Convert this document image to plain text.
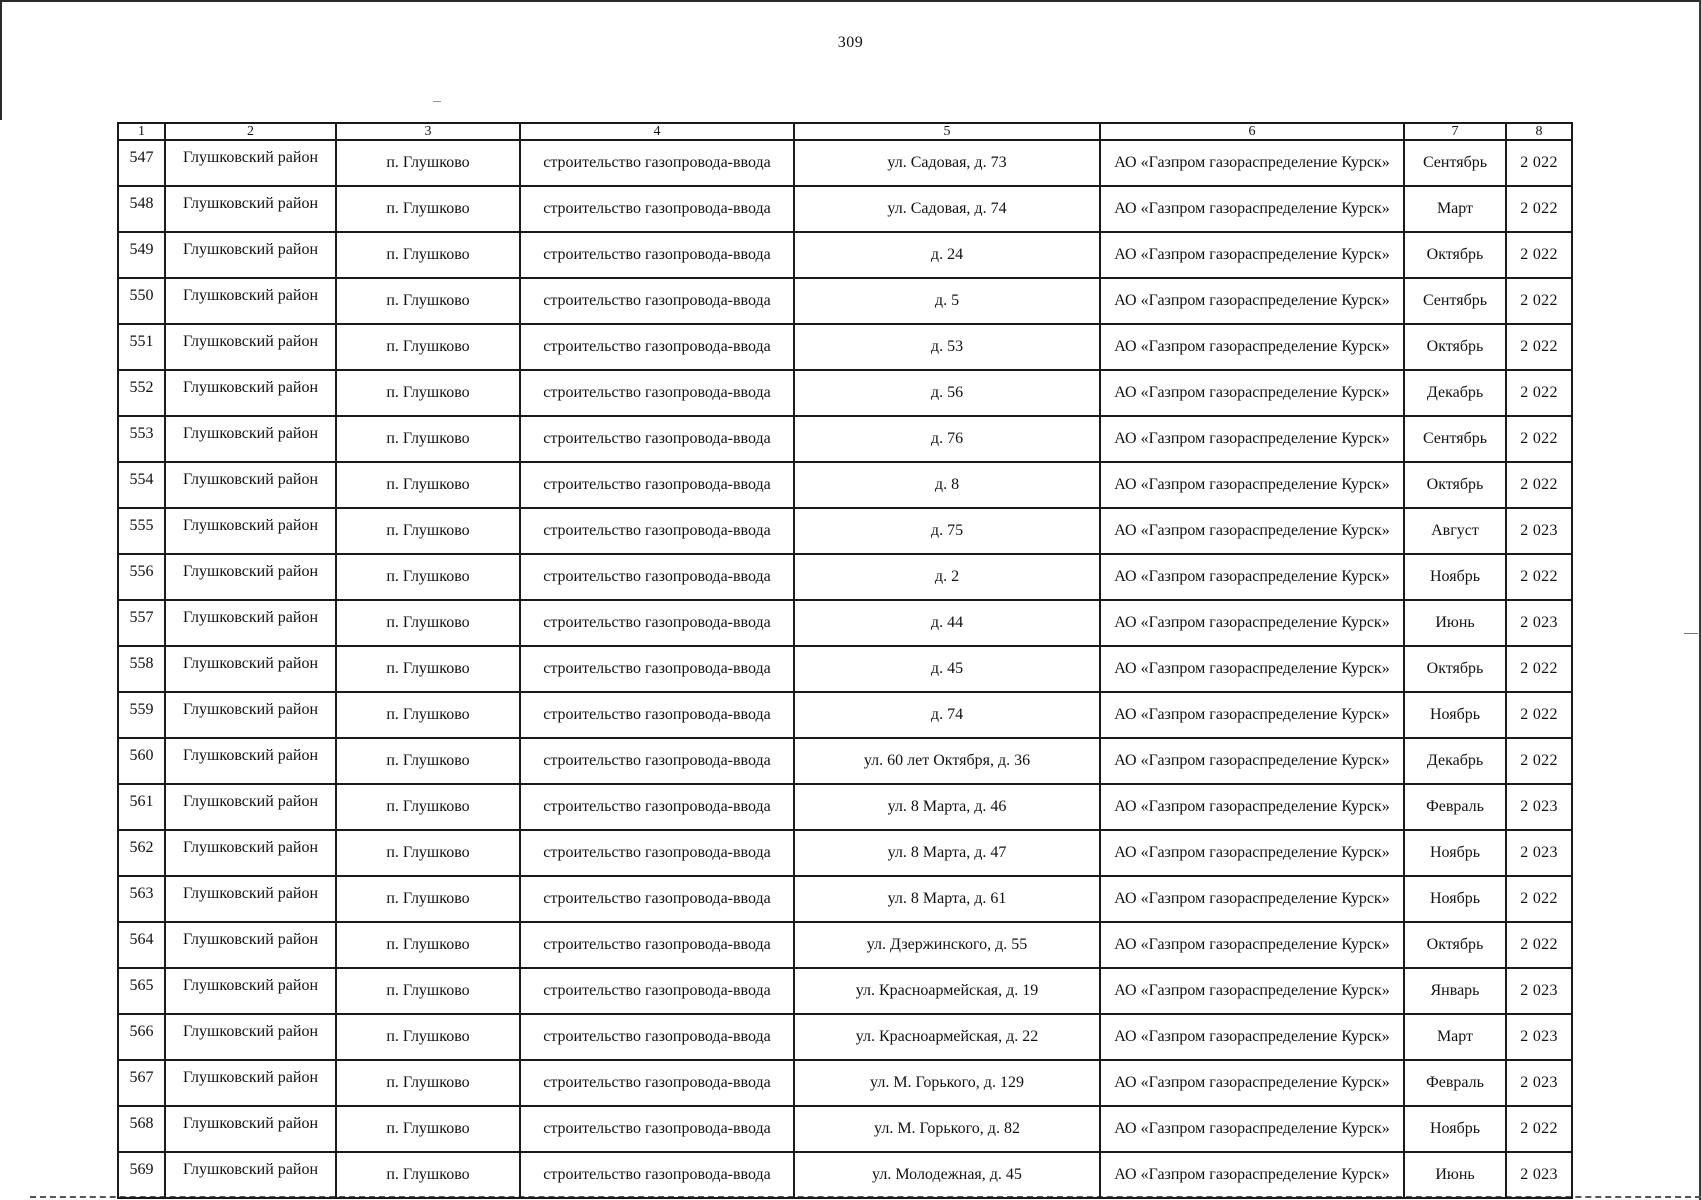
309
1	2	3	4	5	6	7	8
547	Глушковский район	п. Глушково	строительство газопровода-ввода	ул. Садовая, д. 73	АО «Газпром газораспределение Курск»	Сентябрь	2 022
548	Глушковский район	п. Глушково	строительство газопровода-ввода	ул. Садовая, д. 74	АО «Газпром газораспределение Курск»	Март	2 022
549	Глушковский район	п. Глушково	строительство газопровода-ввода	д. 24	АО «Газпром газораспределение Курск»	Октябрь	2 022
550	Глушковский район	п. Глушково	строительство газопровода-ввода	д. 5	АО «Газпром газораспределение Курск»	Сентябрь	2 022
551	Глушковский район	п. Глушково	строительство газопровода-ввода	д. 53	АО «Газпром газораспределение Курск»	Октябрь	2 022
552	Глушковский район	п. Глушково	строительство газопровода-ввода	д. 56	АО «Газпром газораспределение Курск»	Декабрь	2 022
553	Глушковский район	п. Глушково	строительство газопровода-ввода	д. 76	АО «Газпром газораспределение Курск»	Сентябрь	2 022
554	Глушковский район	п. Глушково	строительство газопровода-ввода	д. 8	АО «Газпром газораспределение Курск»	Октябрь	2 022
555	Глушковский район	п. Глушково	строительство газопровода-ввода	д. 75	АО «Газпром газораспределение Курск»	Август	2 023
556	Глушковский район	п. Глушково	строительство газопровода-ввода	д. 2	АО «Газпром газораспределение Курск»	Ноябрь	2 022
557	Глушковский район	п. Глушково	строительство газопровода-ввода	д. 44	АО «Газпром газораспределение Курск»	Июнь	2 023
558	Глушковский район	п. Глушково	строительство газопровода-ввода	д. 45	АО «Газпром газораспределение Курск»	Октябрь	2 022
559	Глушковский район	п. Глушково	строительство газопровода-ввода	д. 74	АО «Газпром газораспределение Курск»	Ноябрь	2 022
560	Глушковский район	п. Глушково	строительство газопровода-ввода	ул. 60 лет Октября, д. 36	АО «Газпром газораспределение Курск»	Декабрь	2 022
561	Глушковский район	п. Глушково	строительство газопровода-ввода	ул. 8 Марта, д. 46	АО «Газпром газораспределение Курск»	Февраль	2 023
562	Глушковский район	п. Глушково	строительство газопровода-ввода	ул. 8 Марта, д. 47	АО «Газпром газораспределение Курск»	Ноябрь	2 023
563	Глушковский район	п. Глушково	строительство газопровода-ввода	ул. 8 Марта, д. 61	АО «Газпром газораспределение Курск»	Ноябрь	2 022
564	Глушковский район	п. Глушково	строительство газопровода-ввода	ул. Дзержинского, д. 55	АО «Газпром газораспределение Курск»	Октябрь	2 022
565	Глушковский район	п. Глушково	строительство газопровода-ввода	ул. Красноармейская, д. 19	АО «Газпром газораспределение Курск»	Январь	2 023
566	Глушковский район	п. Глушково	строительство газопровода-ввода	ул. Красноармейская, д. 22	АО «Газпром газораспределение Курск»	Март	2 023
567	Глушковский район	п. Глушково	строительство газопровода-ввода	ул. М. Горького, д. 129	АО «Газпром газораспределение Курск»	Февраль	2 023
568	Глушковский район	п. Глушково	строительство газопровода-ввода	ул. М. Горького, д. 82	АО «Газпром газораспределение Курск»	Ноябрь	2 022
569	Глушковский район	п. Глушково	строительство газопровода-ввода	ул. Молодежная, д. 45	АО «Газпром газораспределение Курск»	Июнь	2 023
